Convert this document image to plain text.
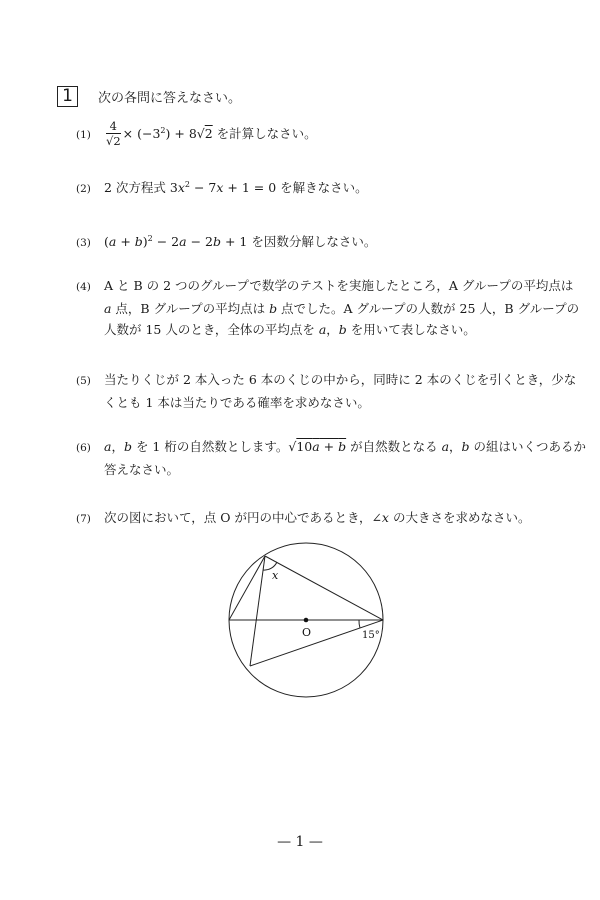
1	次の各問に答えなさい。
$(1) \frac{4}{√2} \times (-3^2) + 8√2$ を計算しなさい。
(2) 2 次方程式 $3x^2 - 7x + 1 = 0$ を解きなさい。
(3) $(a + b)^2 - 2a - 2b + 1$ を因数分解しなさい。
(4) A と B の 2 つのグループで数学のテストを実施したところ，A グループの平均点は
a 点，B グループの平均点は b 点でした。A グループの人数が 25 人，B グループの
人数が 15 人のとき，全体の平均点を a，b を用いて表しなさい。
(5) 当たりくじが 2 本入った 6 本のくじの中から，同時に 2 本のくじを引くとき，少な
くとも 1 本は当たりである確率を求めなさい。
(6) a，b を 1 桁の自然数とします。√10a + b が自然数となる a，b の組はいくつあるか
答えなさい。
(7) 次の図において，点 O が円の中心であるとき，∠x の大きさを求めなさい。
x
O	15°
— 1 —
